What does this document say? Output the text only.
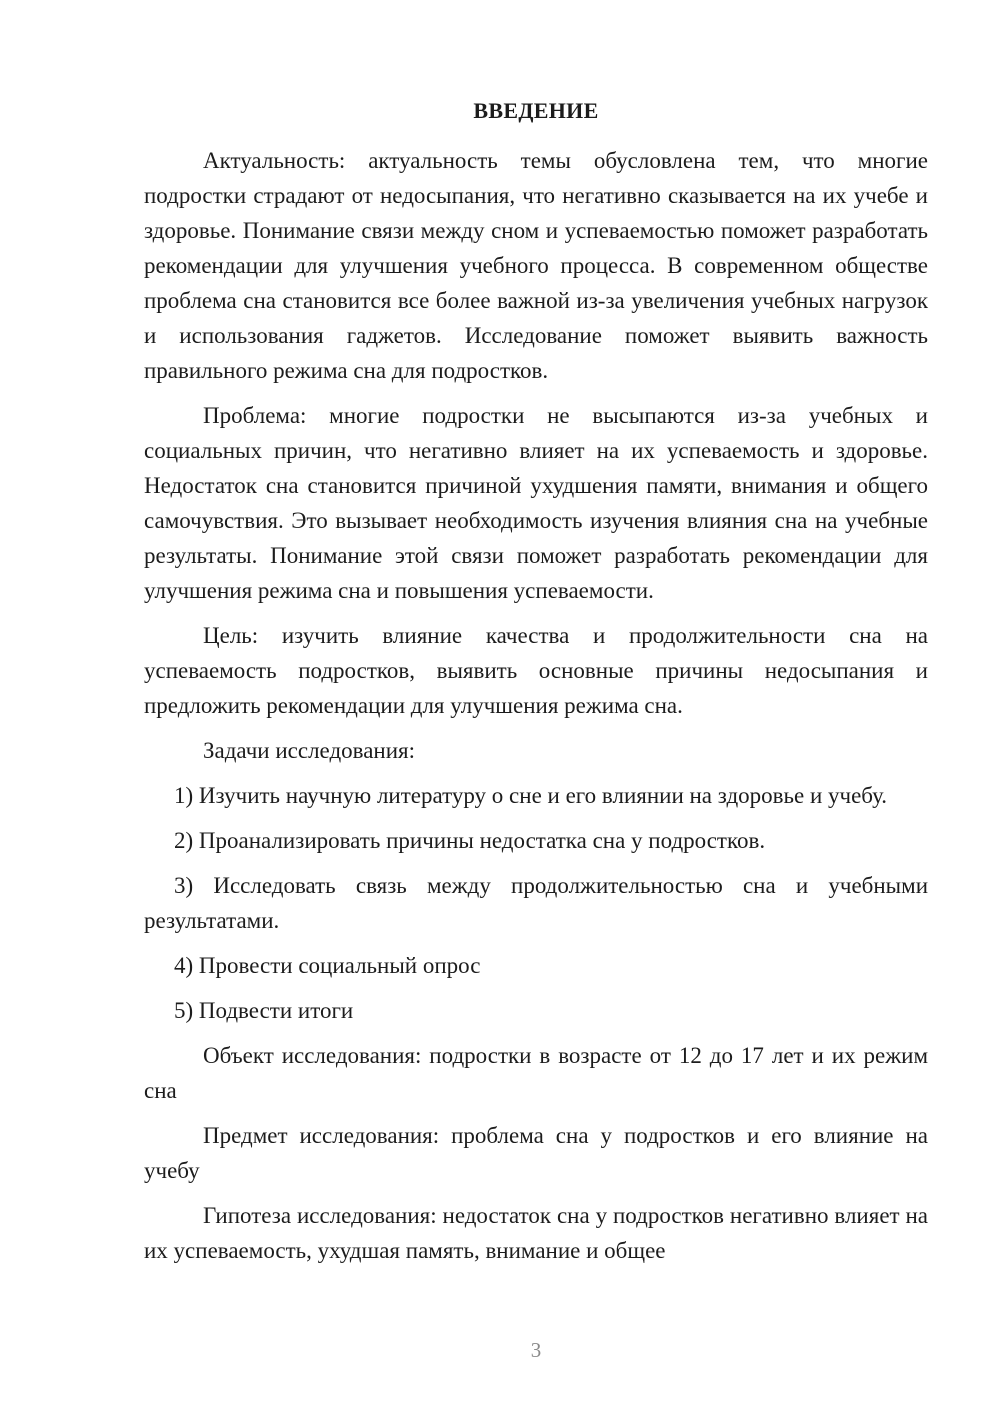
ВВЕДЕНИЕ

Актуальность: актуальность темы обусловлена тем, что многие подростки страдают от недосыпания, что негативно сказывается на их учебе и здоровье. Понимание связи между сном и успеваемостью поможет разработать рекомендации для улучшения учебного процесса. В современном обществе проблема сна становится все более важной из-за увеличения учебных нагрузок и использования гаджетов. Исследование поможет выявить важность правильного режима сна для подростков.

Проблема: многие подростки не высыпаются из-за учебных и социальных причин, что негативно влияет на их успеваемость и здоровье. Недостаток сна становится причиной ухудшения памяти, внимания и общего самочувствия. Это вызывает необходимость изучения влияния сна на учебные результаты. Понимание этой связи поможет разработать рекомендации для улучшения режима сна и повышения успеваемости.

Цель: изучить влияние качества и продолжительности сна на успеваемость подростков, выявить основные причины недосыпания и предложить рекомендации для улучшения режима сна.

Задачи исследования:

1) Изучить научную литературу о сне и его влиянии на здоровье и учебу.

2) Проанализировать причины недостатка сна у подростков.

3) Исследовать связь между продолжительностью сна и учебными результатами.

4) Провести социальный опрос

5) Подвести итоги

Объект исследования: подростки в возрасте от 12 до 17 лет и их режим сна

Предмет исследования: проблема сна у подростков и его влияние на учебу

Гипотеза исследования: недостаток сна у подростков негативно влияет на их успеваемость, ухудшая память, внимание и общее

3
